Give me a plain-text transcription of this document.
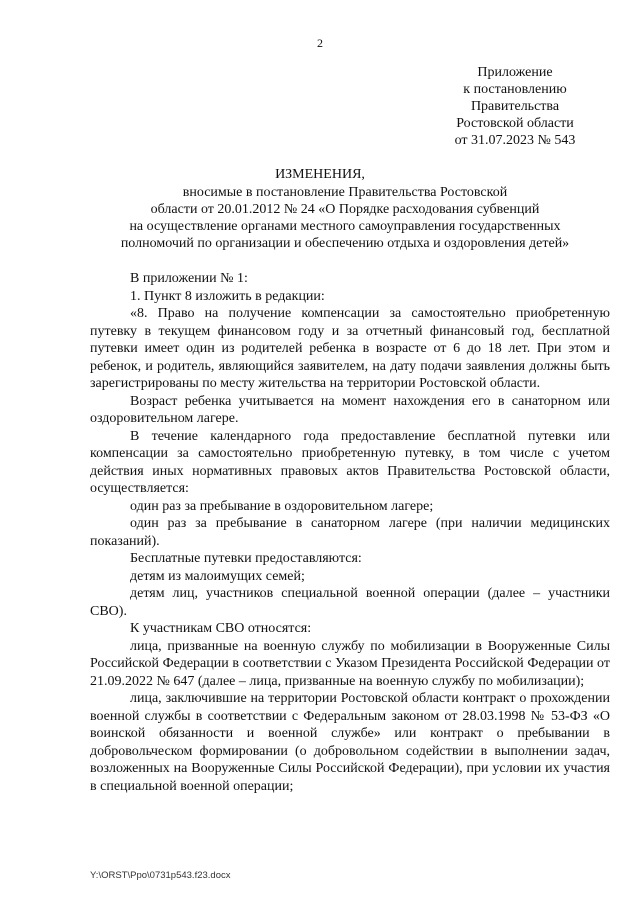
2
Приложение
к постановлению
Правительства
Ростовской области
от 31.07.2023 № 543
ИЗМЕНЕНИЯ,
вносимые в постановление Правительства Ростовской
области от 20.01.2012 № 24 «О Порядке расходования субвенций
на осуществление органами местного самоуправления государственных
полномочий по организации и обеспечению отдыха и оздоровления детей»

В приложении № 1:

1. Пункт 8 изложить в редакции:

«8. Право на получение компенсации за самостоятельно приобретенную путевку в текущем финансовом году и за отчетный финансовый год, бесплатной путевки имеет один из родителей ребенка в возрасте от 6 до 18 лет. При этом и ребенок, и родитель, являющийся заявителем, на дату подачи заявления должны быть зарегистрированы по месту жительства на территории Ростовской области.

Возраст ребенка учитывается на момент нахождения его в санаторном или оздоровительном лагере.

В течение календарного года предоставление бесплатной путевки или компенсации за самостоятельно приобретенную путевку, в том числе с учетом действия иных нормативных правовых актов Правительства Ростовской области, осуществляется:

один раз за пребывание в оздоровительном лагере;

один раз за пребывание в санаторном лагере (при наличии медицинских показаний).

Бесплатные путевки предоставляются:

детям из малоимущих семей;

детям лиц, участников специальной военной операции (далее – участники СВО).

К участникам СВО относятся:

лица, призванные на военную службу по мобилизации в Вооруженные Силы Российской Федерации в соответствии с Указом Президента Российской Федерации от 21.09.2022 № 647 (далее – лица, призванные на военную службу по мобилизации);

лица, заключившие на территории Ростовской области контракт о прохождении военной службы в соответствии с Федеральным законом от 28.03.1998 № 53-ФЗ «О воинской обязанности и военной службе» или контракт о пребывании в добровольческом формировании (о добровольном содействии в выполнении задач, возложенных на Вооруженные Силы Российской Федерации), при условии их участия в специальной военной операции;

Y:\ORST\Ppo\0731p543.f23.docx
